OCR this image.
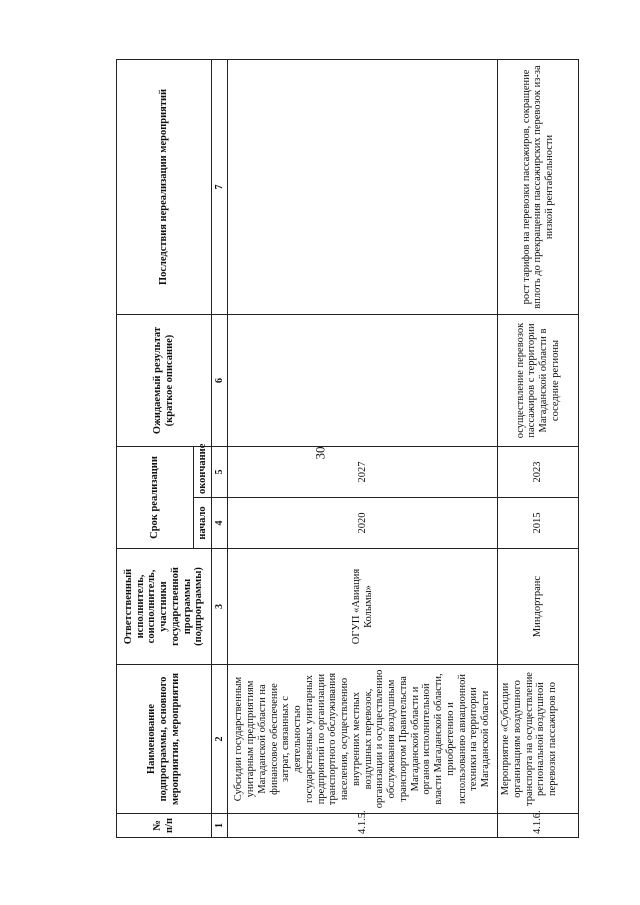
30
№ п/п	Наименование подпрограммы, основного мероприятия, мероприятия	Ответственный исполнитель, соисполнитель, участники государственной программы (подпрограммы)	Срок реализации		Ожидаемый результат (краткое описание)	Последствия нереализации мероприятий
			начало	окончание		
1	2	3	4	5	6	7
4.1.5.	Субсидии государственным унитарным предприятиям Магаданской области на финансовое обеспечение затрат, связанных с деятельностью государственных унитарных предприятий по организации транспортного обслуживания населения, осуществлению внутренних местных воздушных перевозок, организации и осуществлению обслуживания воздушным транспортом Правительства Магаданской области и органов исполнительной власти Магаданской области, приобретению и использованию авиационной техники на территории Магаданской области	ОГУП «Авиация Колымы»	2020	2027		
4.1.6.	Мероприятие «Субсидии организациям воздушного транспорта на осуществление региональной воздушной перевозки пассажиров по	Миндортранс	2015	2023	осуществление перевозок пассажиров с территории Магаданской области в соседние регионы	рост тарифов на перевозки пассажиров, сокращение вплоть до прекращения пассажирских перевозок из-за низкой рентабельности
